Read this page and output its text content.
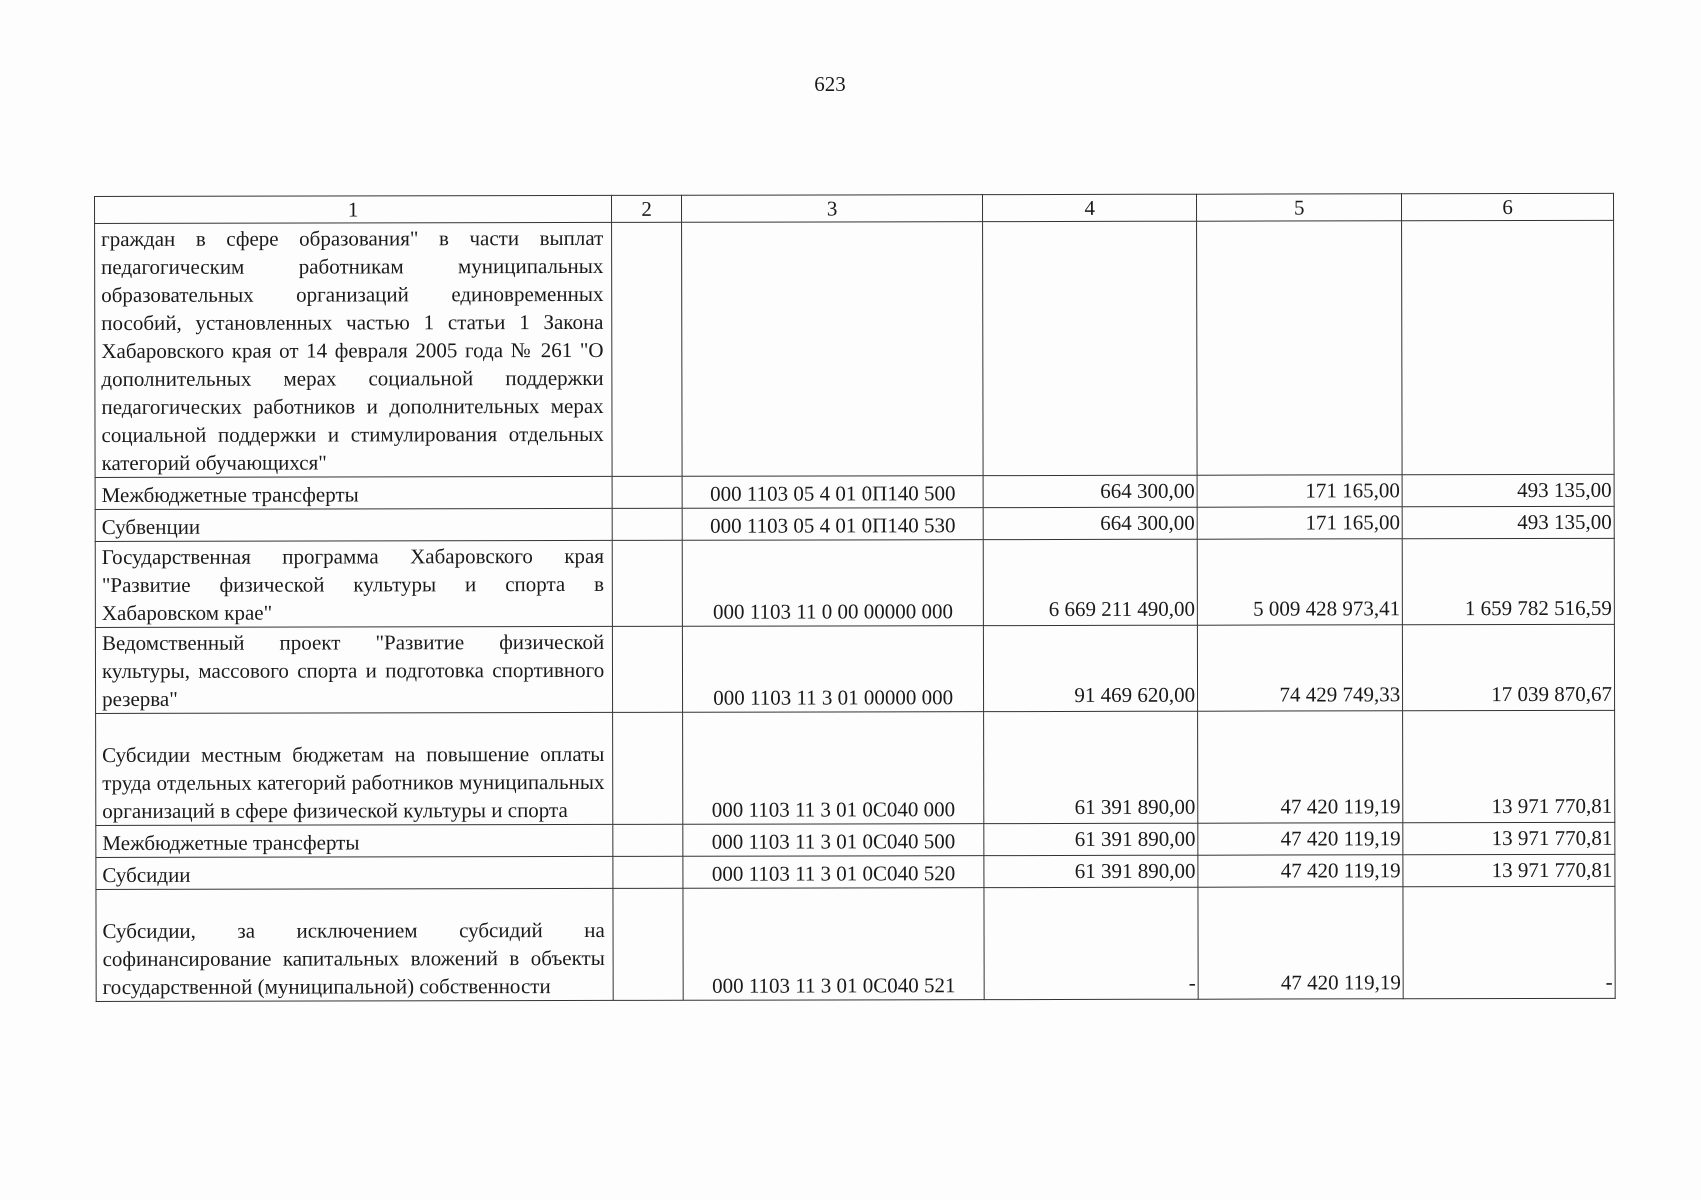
623
1	2	3	4	5	6
граждан в сфере образования" в части выплат педагогическим работникам муниципальных образовательных организаций единовременных пособий, установленных частью 1 статьи 1 Закона Хабаровского края от 14 февраля 2005 года № 261 "О дополнительных мерах социальной поддержки педагогических работников и дополнительных мерах социальной поддержки и стимулирования отдельных категорий обучающихся"					
Межбюджетные трансферты		000 1103 05 4 01 0П140 500	664 300,00	171 165,00	493 135,00
Субвенции		000 1103 05 4 01 0П140 530	664 300,00	171 165,00	493 135,00
Государственная программа Хабаровского края "Развитие физической культуры и спорта в Хабаровском крае"		000 1103 11 0 00 00000 000	6 669 211 490,00	5 009 428 973,41	1 659 782 516,59
Ведомственный проект "Развитие физической культуры, массового спорта и подготовка спортивного резерва"		000 1103 11 3 01 00000 000	91 469 620,00	74 429 749,33	17 039 870,67
Субсидии местным бюджетам на повышение оплаты труда отдельных категорий работников муниципальных организаций в сфере физической культуры и спорта		000 1103 11 3 01 0С040 000	61 391 890,00	47 420 119,19	13 971 770,81
Межбюджетные трансферты		000 1103 11 3 01 0С040 500	61 391 890,00	47 420 119,19	13 971 770,81
Субсидии		000 1103 11 3 01 0С040 520	61 391 890,00	47 420 119,19	13 971 770,81
Субсидии, за исключением субсидий на софинансирование капитальных вложений в объекты государственной (муниципальной) собственности		000 1103 11 3 01 0С040 521	-	47 420 119,19	-
